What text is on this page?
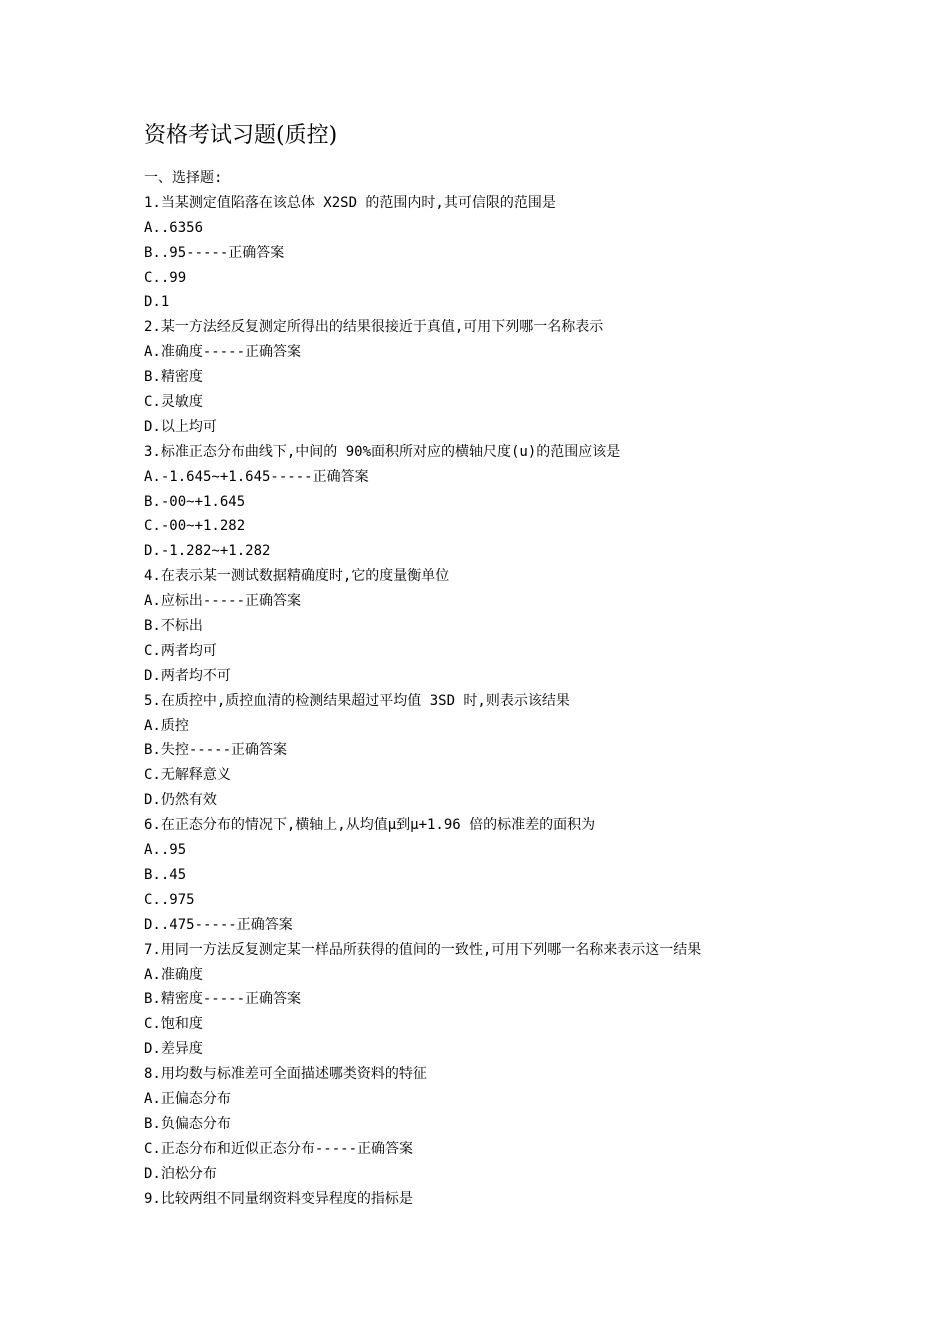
资格考试习题(质控)
一、选择题:
1.当某测定值陷落在该总体 X2SD 的范围内时,其可信限的范围是
A..6356
B..95-----正确答案
C..99
D.1
2.某一方法经反复测定所得出的结果很接近于真值,可用下列哪一名称表示
A.准确度-----正确答案
B.精密度
C.灵敏度
D.以上均可
3.标准正态分布曲线下,中间的 90%面积所对应的横轴尺度(u)的范围应该是
A.-1.645~+1.645-----正确答案
B.-00~+1.645
C.-00~+1.282
D.-1.282~+1.282
4.在表示某一测试数据精确度时,它的度量衡单位
A.应标出-----正确答案
B.不标出
C.两者均可
D.两者均不可
5.在质控中,质控血清的检测结果超过平均值 3SD 时,则表示该结果
A.质控
B.失控-----正确答案
C.无解释意义
D.仍然有效
6.在正态分布的情况下,横轴上,从均值μ到μ+1.96 倍的标准差的面积为
A..95
B..45
C..975
D..475-----正确答案
7.用同一方法反复测定某一样品所获得的值间的一致性,可用下列哪一名称来表示这一结果
A.准确度
B.精密度-----正确答案
C.饱和度
D.差异度
8.用均数与标准差可全面描述哪类资料的特征
A.正偏态分布
B.负偏态分布
C.正态分布和近似正态分布-----正确答案
D.泊松分布
9.比较两组不同量纲资料变异程度的指标是
